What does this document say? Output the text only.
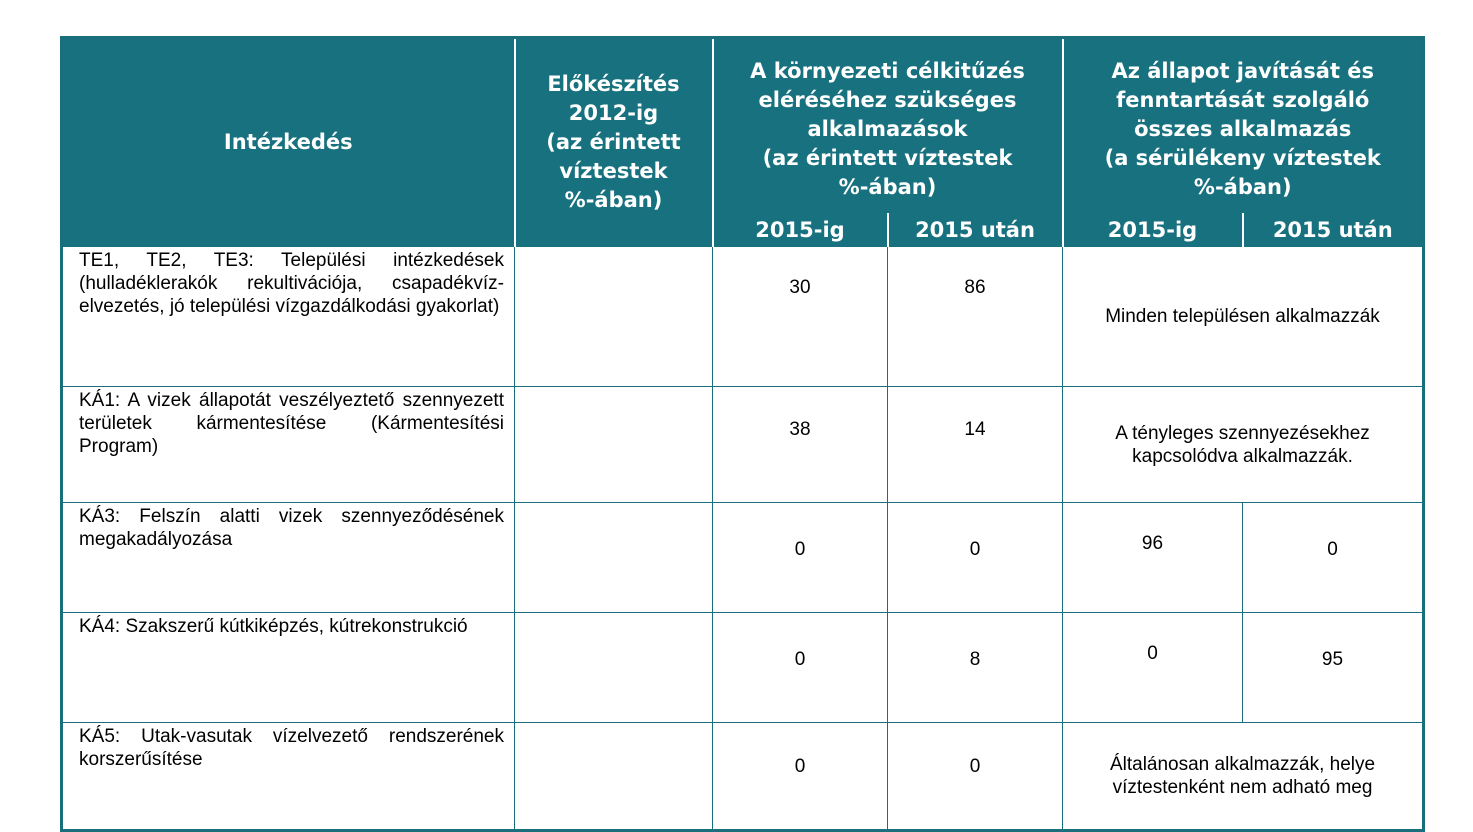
Intézkedés	Előkészítés
2012-ig
(az érintett
víztestek
%-ában)	A környezeti célkitűzés
eléréséhez szükséges
alkalmazások
(az érintett víztestek
%-ában)		Az állapot javítását és
fenntartását szolgáló
összes alkalmazás
(a sérülékeny víztestek
%-ában)	
		2015-ig	2015 után	2015-ig	2015 után
TE1, TE2, TE3: Települési intézkedések (hulladéklerakók rekultivációja, csapadékvíz-elvezetés, jó települési vízgazdálkodási gyakorlat)		30	86	Minden településen alkalmazzák	
KÁ1: A vizek állapotát veszélyeztető szennyezett területek kármentesítése (Kármentesítési Program)		38	14	A tényleges szennyezésekhez
kapcsolódva alkalmazzák.	
KÁ3: Felszín alatti vizek szennyeződésének megakadályozása		0	0	96	0
KÁ4: Szakszerű kútkiképzés, kútrekonstrukció		0	8	0	95
KÁ5: Utak-vasutak vízelvezető rendszerének korszerűsítése		0	0	Általánosan alkalmazzák, helye
víztestenként nem adható meg	
